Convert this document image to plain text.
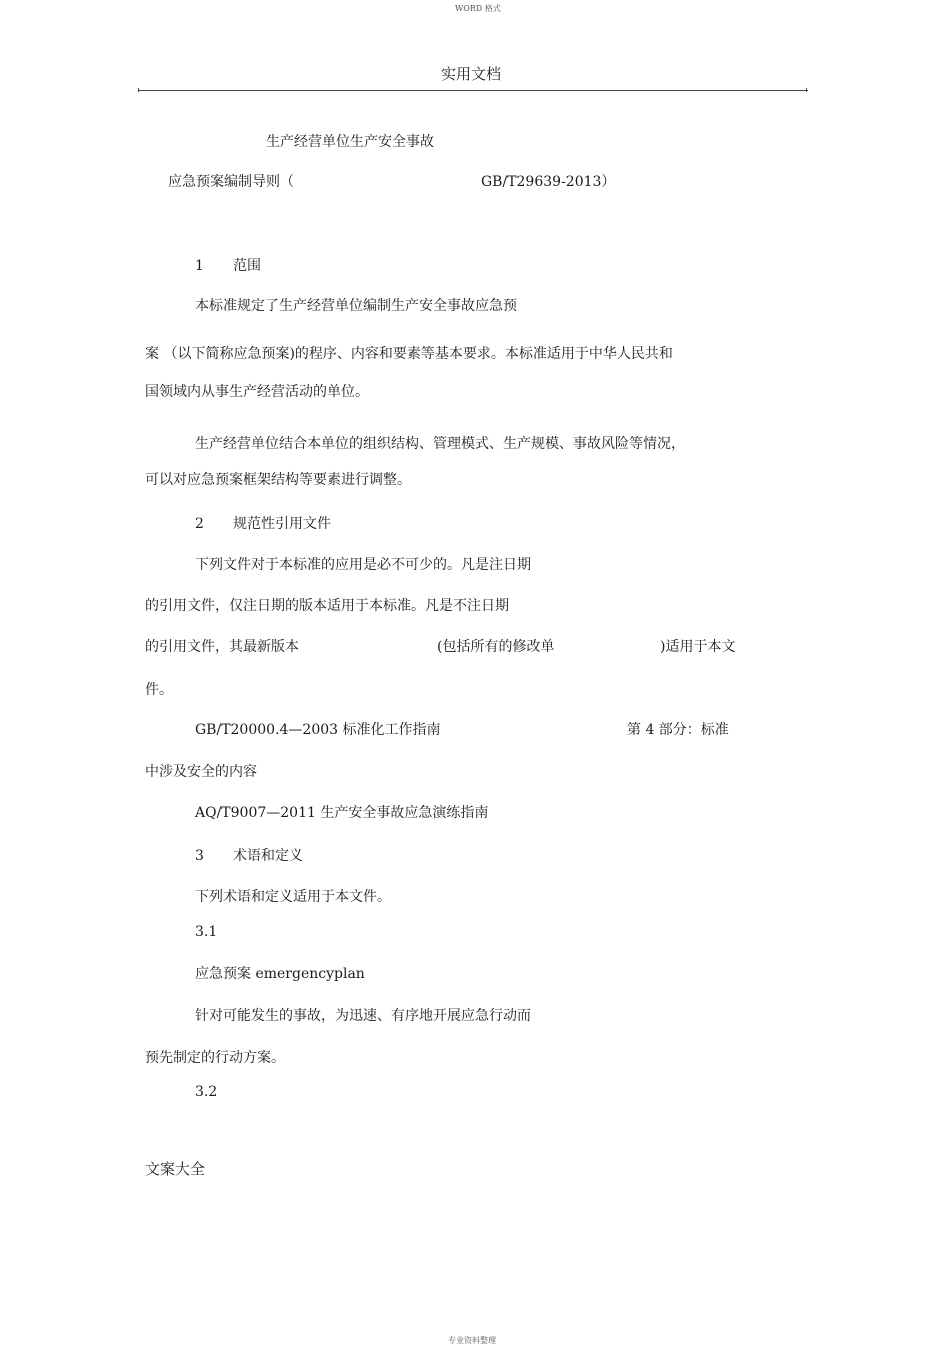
WORD 格式
实用文档
生产经营单位生产安全事故
应急预案编制导则（	GB/T29639-2013）
1 范围
本标准规定了生产经营单位编制生产安全事故应急预
案 （以下简称应急预案)的程序、内容和要素等基本要求。本标准适用于中华人民共和
国领域内从事生产经营活动的单位。
生产经营单位结合本单位的组织结构、管理模式、生产规模、事故风险等情况，
可以对应急预案框架结构等要素进行调整。
2 规范性引用文件
下列文件对于本标准的应用是必不可少的。凡是注日期
的引用文件，仅注日期的版本适用于本标准。凡是不注日期
的引用文件，其最新版本	(包括所有的修改单	)适用于本文
件。
GB/T20000.4—2003 标准化工作指南	第 4 部分：标准
中涉及安全的内容
AQ/T9007—2011 生产安全事故应急演练指南
3 术语和定义
下列术语和定义适用于本文件。
3.1
应急预案 emergencyplan
针对可能发生的事故，为迅速、有序地开展应急行动而
预先制定的行动方案。
3.2
文案大全
专业资料整理
